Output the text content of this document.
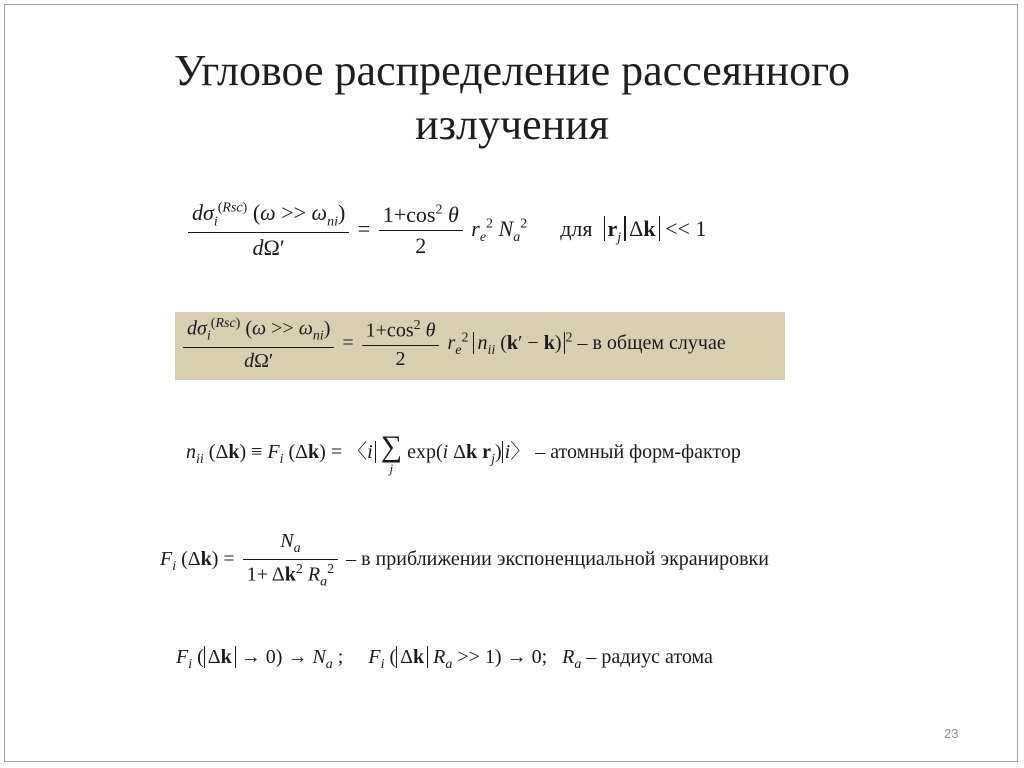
Угловое распределение рассеянного
излучения
$\frac{d\sigma_i^{(Rsc)} (\omega >> \omega_{ni})}{d\Omega'} = \frac{1+\cos^2 \theta}{2} r_e^2$ $N_a^2$ для $r_j$ Δk << 1
$\frac{d\sigma_i^{(Rsc)} (\omega >> \omega_{ni})}{d\Omega'} = \frac{1+\cos^2 \theta}{2} r_e^2$ $n_{ii}$ (k′ − k) $^2$ – в общем случае
$n_{ii}$ $(\Delta k) \equiv F_i$ (Δk) = 〈i ∑
j
exp(i Δk $r_j$) i〉 – атомный форм-фактор
$F_i$ $(\Delta k) = \frac{N_a}{1+ \Delta k^2 R_a^2} - в$ приближении экспоненциальной экранировки
$F_i$ ( $\Delta k \to 0) \to N_a$ ;     $F_i$ ( Δk $R_a >> 1) \to 0$;   $R_a$ – радиус атома
23
